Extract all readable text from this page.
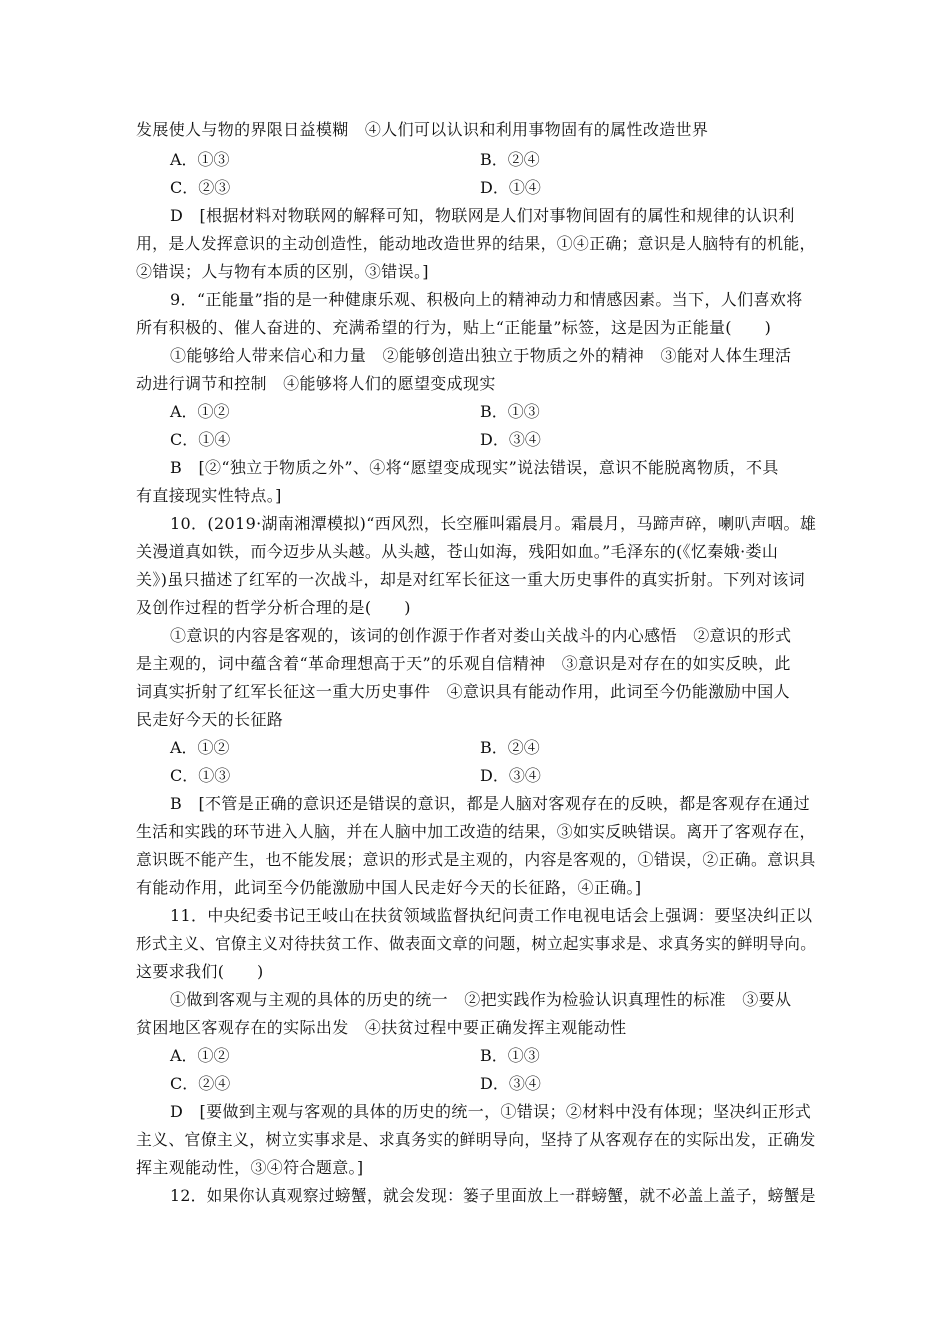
发展使人与物的界限日益模糊　④人们可以认识和利用事物固有的属性改造世界
A．①③	B．②④
C．②③	D．①④
D　[根据材料对物联网的解释可知，物联网是人们对事物间固有的属性和规律的认识利
用，是人发挥意识的主动创造性，能动地改造世界的结果，①④正确；意识是人脑特有的机能，
②错误；人与物有本质的区别，③错误。]
9．“正能量”指的是一种健康乐观、积极向上的精神动力和情感因素。当下，人们喜欢将
所有积极的、催人奋进的、充满希望的行为，贴上“正能量”标签，这是因为正能量(　　)
①能够给人带来信心和力量　②能够创造出独立于物质之外的精神　③能对人体生理活
动进行调节和控制　④能够将人们的愿望变成现实
A．①②	B．①③
C．①④	D．③④
B　[②“独立于物质之外”、④将“愿望变成现实”说法错误，意识不能脱离物质，不具
有直接现实性特点。]
10．(2019·湖南湘潭模拟)“西风烈，长空雁叫霜晨月。霜晨月，马蹄声碎，喇叭声咽。雄
关漫道真如铁，而今迈步从头越。从头越，苍山如海，残阳如血。”毛泽东的(《忆秦娥·娄山
关》)虽只描述了红军的一次战斗，却是对红军长征这一重大历史事件的真实折射。下列对该词
及创作过程的哲学分析合理的是(　　)
①意识的内容是客观的，该词的创作源于作者对娄山关战斗的内心感悟　②意识的形式
是主观的，词中蕴含着“革命理想高于天”的乐观自信精神　③意识是对存在的如实反映，此
词真实折射了红军长征这一重大历史事件　④意识具有能动作用，此词至今仍能激励中国人
民走好今天的长征路
A．①②	B．②④
C．①③	D．③④
B　[不管是正确的意识还是错误的意识，都是人脑对客观存在的反映，都是客观存在通过
生活和实践的环节进入人脑，并在人脑中加工改造的结果，③如实反映错误。离开了客观存在，
意识既不能产生，也不能发展；意识的形式是主观的，内容是客观的，①错误，②正确。意识具
有能动作用，此词至今仍能激励中国人民走好今天的长征路，④正确。]
11．中央纪委书记王岐山在扶贫领域监督执纪问责工作电视电话会上强调：要坚决纠正以
形式主义、官僚主义对待扶贫工作、做表面文章的问题，树立起实事求是、求真务实的鲜明导向。
这要求我们(　　)
①做到客观与主观的具体的历史的统一　②把实践作为检验认识真理性的标准　③要从
贫困地区客观存在的实际出发　④扶贫过程中要正确发挥主观能动性
A．①②	B．①③
C．②④	D．③④
D　[要做到主观与客观的具体的历史的统一，①错误；②材料中没有体现；坚决纠正形式
主义、官僚主义，树立实事求是、求真务实的鲜明导向，坚持了从客观存在的实际出发，正确发
挥主观能动性，③④符合题意。]
12．如果你认真观察过螃蟹，就会发现：篓子里面放上一群螃蟹，就不必盖上盖子，螃蟹是
